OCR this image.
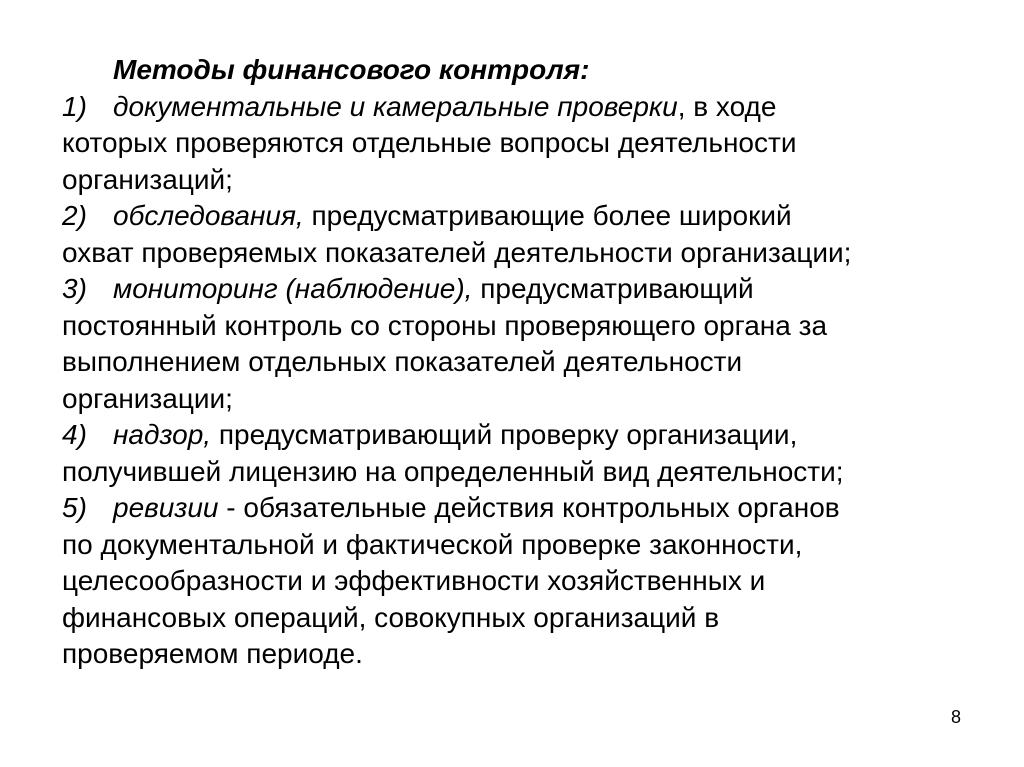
Методы финансового контроля:
1) документальные и камеральные проверки, в ходе
которых проверяются отдельные вопросы деятельности
организаций;
2) обследования, предусматривающие более широкий
охват проверяемых показателей деятельности организации;
3) мониторинг (наблюдение), предусматривающий
постоянный контроль со стороны проверяющего органа за
выполнением отдельных показателей деятельности
организации;
4) надзор, предусматривающий проверку организации,
получившей лицензию на определенный вид деятельности;
5) ревизии - обязательные действия контрольных органов
по документальной и фактической проверке законности,
целесообразности и эффективности хозяйственных и
финансовых операций, совокупных организаций в
проверяемом периоде.
8
